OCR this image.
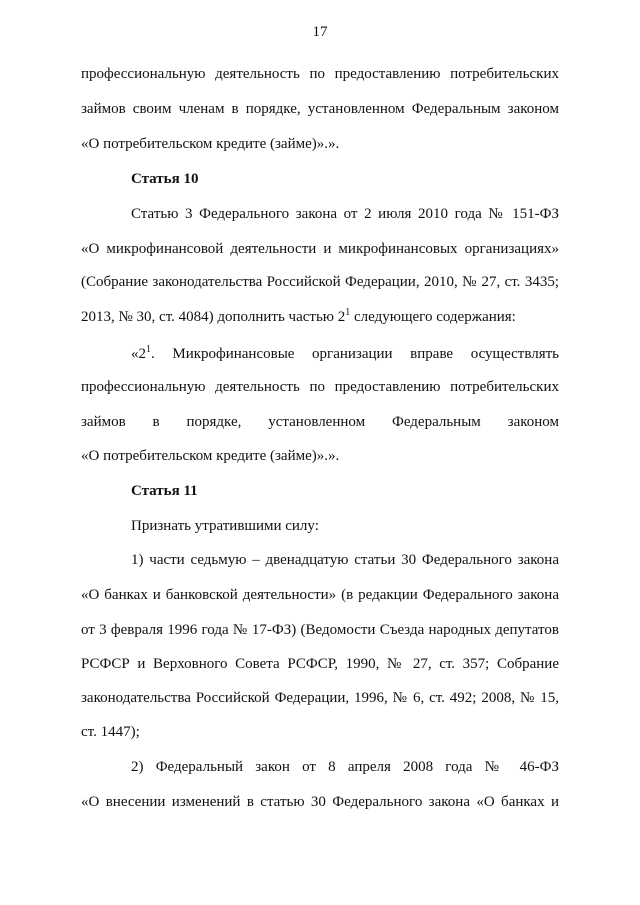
17
профессиональную деятельность по предоставлению потребительских
займов своим членам в порядке, установленном Федеральным законом
«О потребительском кредите (займе)».».
Статья 10
Статью 3 Федерального закона от 2 июля 2010 года № 151-ФЗ
«О микрофинансовой деятельности и микрофинансовых организациях»
(Собрание законодательства Российской Федерации, 2010, № 27, ст. 3435;
2013, № 30, ст. 4084) дополнить частью $2^1$ следующего содержания:
«$2^1$. Микрофинансовые организации вправе осуществлять
профессиональную деятельность по предоставлению потребительских
займов в порядке, установленном Федеральным законом
«О потребительском кредите (займе)».».
Статья 11
Признать утратившими силу:
1) части седьмую – двенадцатую статьи 30 Федерального закона
«О банках и банковской деятельности» (в редакции Федерального закона
от 3 февраля 1996 года № 17-ФЗ) (Ведомости Съезда народных депутатов
РСФСР и Верховного Совета РСФСР, 1990, № 27, ст. 357; Собрание
законодательства Российской Федерации, 1996, № 6, ст. 492; 2008, № 15,
ст. 1447);
2) Федеральный закон от 8 апреля 2008 года № 46-ФЗ
«О внесении изменений в статью 30 Федерального закона «О банках и
